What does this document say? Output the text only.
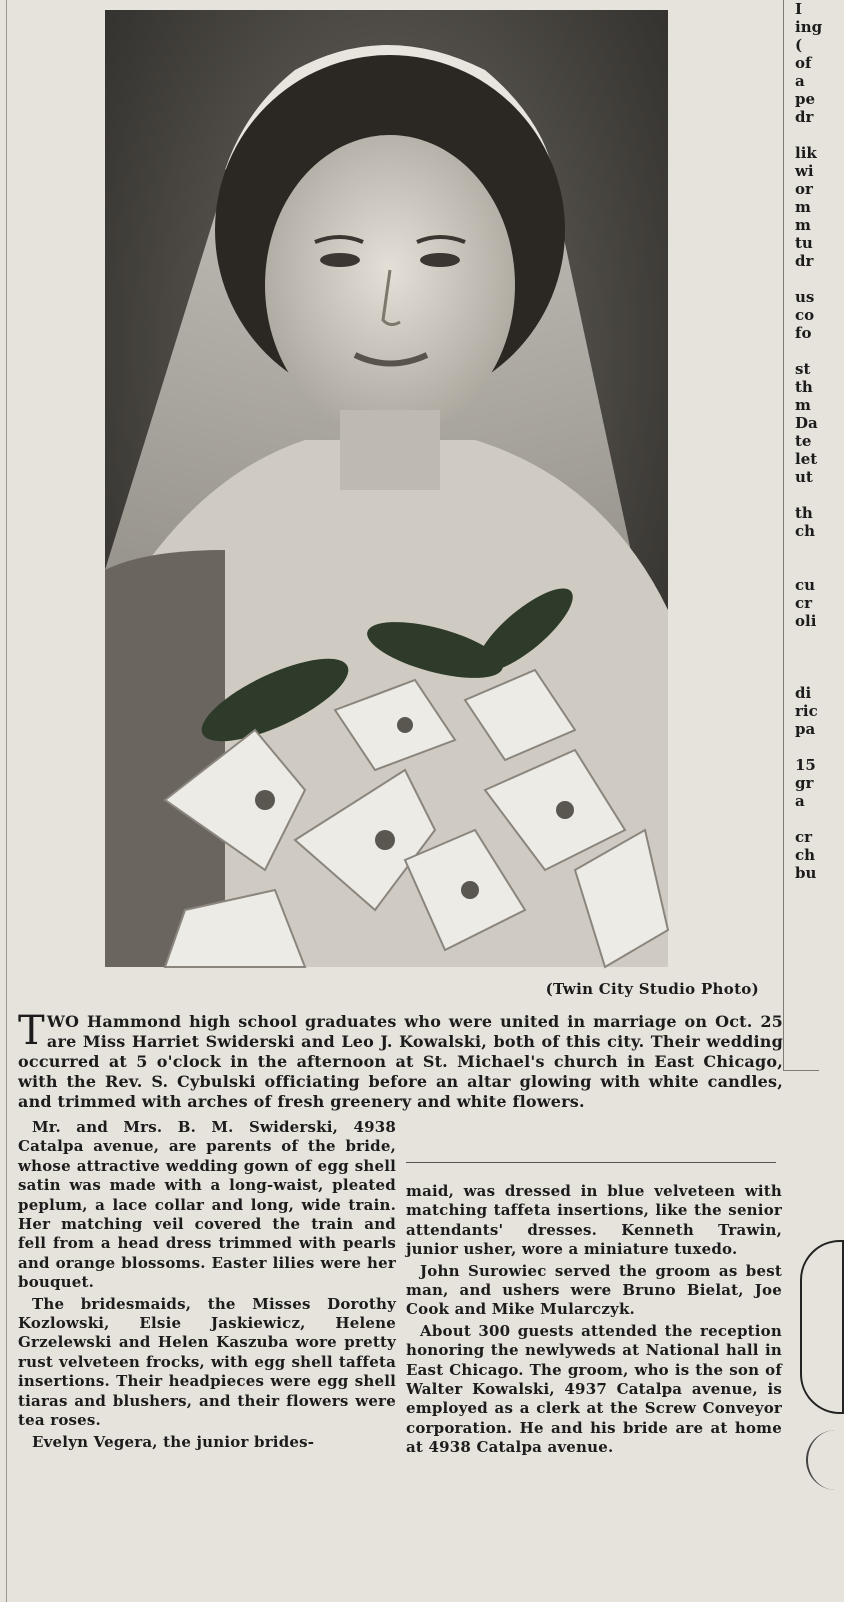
(Twin City Studio Photo)
TWO Hammond high school graduates who were united in marriage on Oct. 25 are Miss Harriet Swiderski and Leo J. Kowalski, both of this city. Their wedding occurred at 5 o'clock in the afternoon at St. Michael's church in East Chicago, with the Rev. S. Cybulski officiating before an altar glowing with white candles, and trimmed with arches of fresh greenery and white flowers.

Mr. and Mrs. B. M. Swiderski, 4938 Catalpa avenue, are parents of the bride, whose attractive wedding gown of egg shell satin was made with a long-waist, pleated peplum, a lace collar and long, wide train. Her matching veil covered the train and fell from a head dress trimmed with pearls and orange blossoms. Easter lilies were her bouquet.

The bridesmaids, the Misses Dorothy Kozlowski, Elsie Jaskiewicz, Helene Grzelewski and Helen Kaszuba wore pretty rust velveteen frocks, with egg shell taffeta insertions. Their headpieces were egg shell tiaras and blushers, and their flowers were tea roses.

Evelyn Vegera, the junior brides-

maid, was dressed in blue velveteen with matching taffeta insertions, like the senior attendants' dresses. Kenneth Trawin, junior usher, wore a miniature tuxedo.

John Surowiec served the groom as best man, and ushers were Bruno Bielat, Joe Cook and Mike Mularczyk.

About 300 guests attended the reception honoring the newlyweds at National hall in East Chicago. The groom, who is the son of Walter Kowalski, 4937 Catalpa avenue, is employed as a clerk at the Screw Conveyor corporation. He and his bride are at home at 4938 Catalpa avenue.

I
ing
(
of
a
pe
dr
lik
wi
or
m
m
tu
dr
us
co
fo
st
th
m
Da
te
let
ut
th
ch
cu
cr
oli
di
ric
pa
15
gr
a
cr
ch
bu
